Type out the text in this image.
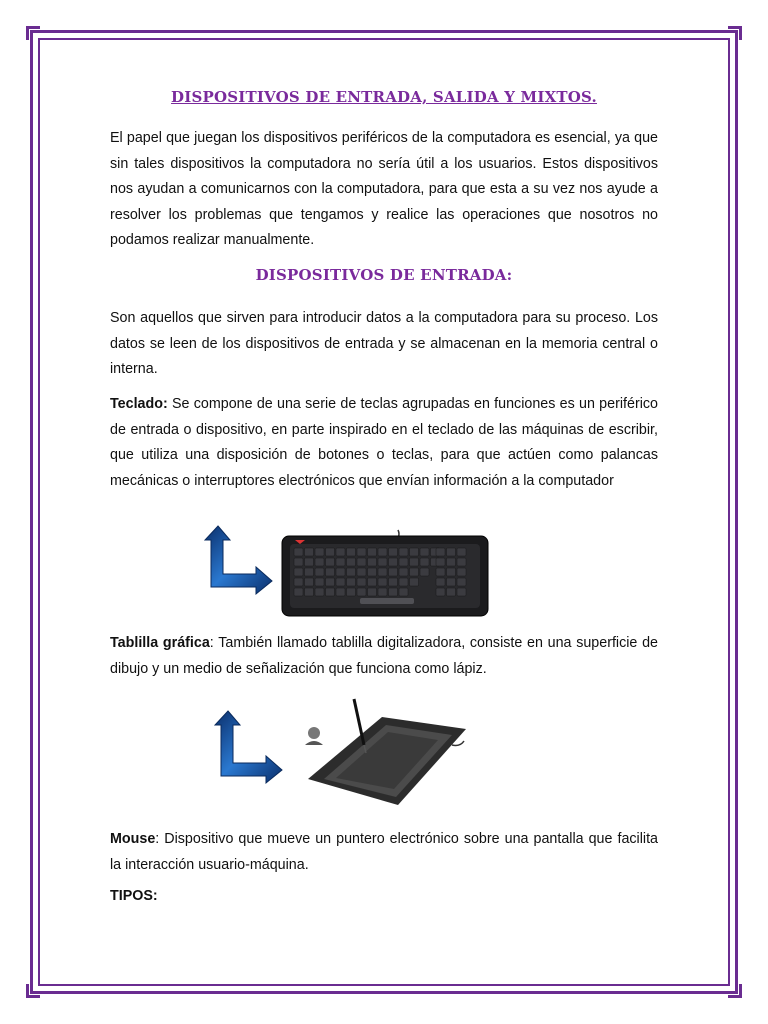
DISPOSITIVOS DE ENTRADA, SALIDA Y MIXTOS.

El papel que juegan los dispositivos periféricos de la computadora es esencial, ya que sin tales dispositivos la computadora no sería útil a los usuarios. Estos dispositivos nos ayudan a comunicarnos con la computadora, para que esta a su vez nos ayude a resolver los problemas que tengamos y realice las operaciones que nosotros no podamos realizar manualmente.

DISPOSITIVOS DE ENTRADA:

Son aquellos que sirven para introducir datos a la computadora para su proceso. Los datos se leen de los dispositivos de entrada y se almacenan en la memoria central o interna.

Teclado: Se compone de una serie de teclas agrupadas en funciones es un periférico de entrada o dispositivo, en parte inspirado en el teclado de las máquinas de escribir, que utiliza una disposición de botones o teclas, para que actúen como palancas mecánicas o interruptores electrónicos que envían información a la computador

Tablilla gráfica: También llamado tablilla digitalizadora, consiste en una superficie de dibujo y un medio de señalización que funciona como lápiz.

Mouse: Dispositivo que mueve un puntero electrónico sobre una pantalla que facilita la interacción usuario-máquina.

TIPOS:
